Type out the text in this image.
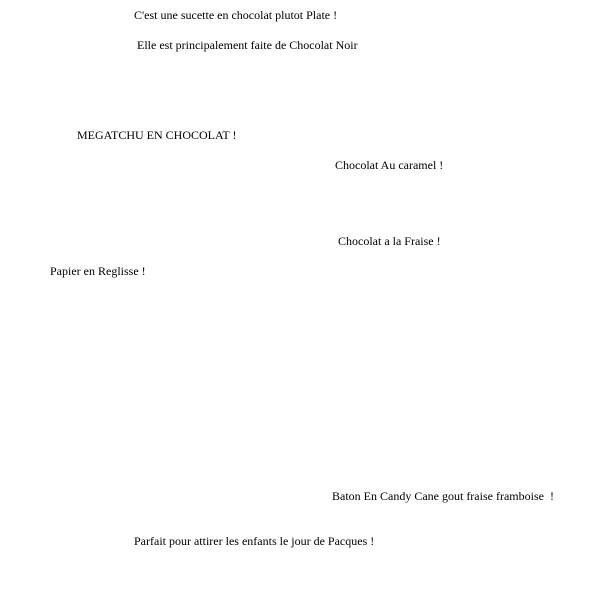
C'est une sucette en chocolat plutot Plate !
Elle est principalement faite de Chocolat Noir
MEGATCHU EN CHOCOLAT !
Chocolat Au caramel !
Chocolat a la Fraise !
Papier en Reglisse !
Baton En Candy Cane gout fraise framboise  !
Parfait pour attirer les enfants le jour de Pacques !
